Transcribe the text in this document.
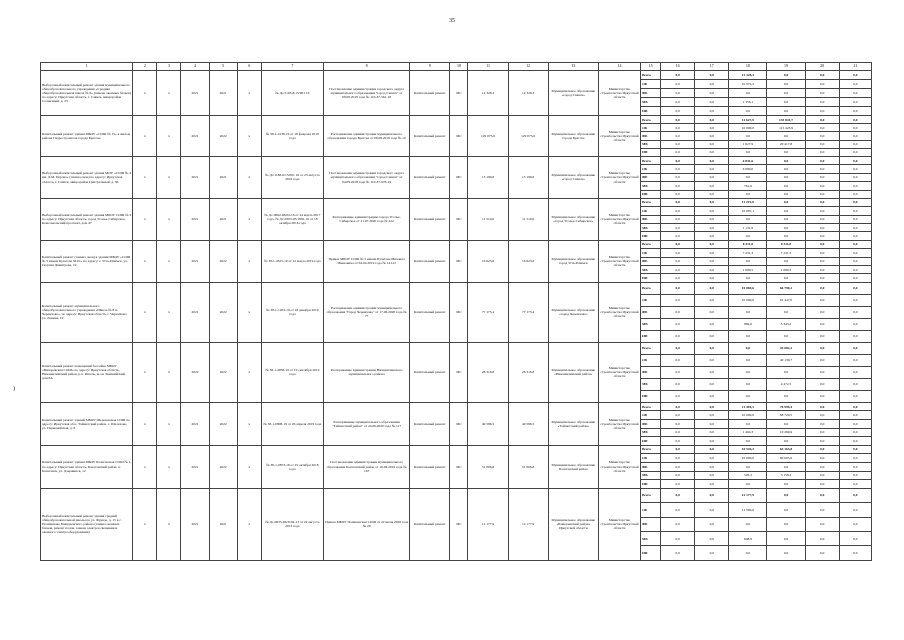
35
)
1	2	3	4	5	6	7	8	9	10	11	12	13	14	15	16	17	18	19	20	21
Выборочный капитальный ремонт здания муниципального общеобразовательного учреждения «Средняя общеобразовательная школа № 6» (замена оконных блоков) по адресу: Иркутская область, г. Саянск, микрорайон Солнечный, д. 23	х	х	2021	2021	х	№ Дс/1193-6/15/061 16	Постановление администрации городского округа муниципального образования "город Саянск" от 09.06.2018 года № 110-37-561-18	Капитальный ремонт	МС	12 328,3	12 328,3	Муниципальное образование «город Саянск»	Министерство строительства Иркутской области	Всего	0,0	0,0	12 328,3	0,0	0,0	0,0
														ОБ	0,0	0,0	10 972,2	0,0	0,0	0,0
														ФБ	0,0	0,0	0,0	0,0	0,0	0,0
														МБ	0,0	0,0	1 356,1	0,0	0,0	0,0
														ИИ	0,0	0,0	0,0	0,0	0,0	0,0
Капитальный ремонт здания МБОУ «СОШ № 15» в жилом районе Гидростроитель города Братска	х	х	2021	2022	х	№ 38-1-4138-19 от 18 февраля 2019 года	Распоряжение администрации муниципального образования города Братска от 06.06.2019 года № 10	Капитальный ремонт	МС	129 075,6	129 075,6	Муниципальное образование города Братска	Министерство строительства Иркутской области	Всего	0,0	0,0	11 627,9	135 841,7	0,0	0,0
														ОБ	0,0	0,0	10 000,0	115 423,9	0,0	0,0
														ФБ	0,0	0,0	0,0	0,0	0,0	0,0
														МБ	0,0	0,0	1 627,9	20 417,8	0,0	0,0
														ИИ	0,0	0,0	0,0	0,0	0,0	0,0
Выборочный капитальный ремонт здания МОУ «СОШ № 4 им. Д.М. Перова» (замена окон) по адресу: Иркутская область, г. Саянск, микрорайон Центральный, д. 36	х	х	2021	2021	х	№ Дс/1188-6/15/061 16 от 23 августа 2016 года	Постановление администрации городского округа муниципального образования "город Саянск" от 04.09.2018 года № 110-37-978-19	Капитальный ремонт	МС	13 190,6	13 190,6	Муниципальное образование «город Саянск»	Министерство строительства Иркутской области	Всего	0,0	0,0	6 841,6	0,0	0,0	0,0
														ОБ	0,0	0,0	6 080,0	0,0	0,0	0,0
														ФБ	0,0	0,0	0,0	0,0	0,0	0,0
														МБ	0,0	0,0	761,6	0,0	0,0	0,0
														ИИ	0,0	0,0	0,0	0,0	0,0	0,0
Выборочный капитальный ремонт здания МБОУ СОШ № 3 по адресу: Иркутская область, город Усолье-Сибирское, Комсомольский проспект, дом 47	х	х	2021	2021	х	№ Дс-0662-06/02-16 от 24 марта 2017 года, № Дс-0303-05/1902-16 от 18 октября 2016 года	Распоряжение администрации города Усолье-Сибирское от 21.07.2020 года № 222	Капитальный ремонт	МС	11 519,0	11 519,0	Муниципальное образование «город Усолье-Сибирское»	Министерство строительства Иркутской области	Всего	0,0	0,0	11 219,0	0,0	0,0	0,0
														ОБ	0,0	0,0	10 087,1	0,0	0,0	0,0
														ФБ	0,0	0,0	0,0	0,0	0,0	0,0
														МБ	0,0	0,0	1 131,9	0,0	0,0	0,0
														ИИ	0,0	0,0	0,0	0,0	0,0	0,0
Капитальный ремонт (замена окон) в здании МБОУ «СОШ № 5 имени Булатова М.И.» по адресу: г. Усть-Илимск, ул. Георгия Димитрова, 19	х	х	2021	2022	х	№ 38-1-4325-19 от 12 марта 2019 года	Приказ МБОУ СОШ № 5 имени Булатова Михаила Ивановича от 04.04.2019 года № 141-О	Капитальный ремонт	МС	16 623,6	16 623,6	Муниципальное образование город Усть-Илимск	Министерство строительства Иркутской области	Всего	0,0	0,0	8 311,8	8 311,8	0,0	0,0
														ОБ	0,0	0,0	7 231,3	7 231,3	0,0	0,0
														ФБ	0,0	0,0	0,0	0,0	0,0	0,0
														МБ	0,0	0,0	1 080,5	1 080,5	0,0	0,0
														ИИ	0,0	0,0	0,0	0,0	0,0	0,0
Капитальный ремонт муниципального общеобразовательного учреждения «Школа № 8 п. Черемхово», по адресу: Иркутская область, г. Черемхово, ул. Ленина, 19	х	х	2021	2022	х	№ 38-1-1263-19 от 16 декабря 2019 года	Распоряжение администрации муниципального образования "Город Черемхово" от 17.06.2020 года № 77	Капитальный ремонт	МС	77 175,4	77 175,4	Муниципальное образование «город Черемхово»	Министерство строительства Иркутской области	Всего	0,0	0,0	10 869,6	66 790,2	0,0	0,0
														ОБ	0,0	0,0	10 000,0	61 447,0	0,0	0,0
														ФБ	0,0	0,0	0,0	0,0	0,0	0,0
														МБ	0,0	0,0	869,6	5 343,2	0,0	0,0
														ИИ	0,0	0,0	0,0	0,0	0,0	0,0
Капитальный ремонт помещений бассейна МБОУ «Вихоревская СОШ» по адресу: Иркутская область, Нижнеилимский район, р.п. Янгель, м-он Эвенкийский, дом 6А	х	х	2022	2022	х	№ 38-1-4958-19 от 10 сентября 2019 года	Распоряжение администрации Нижнеилимского муниципального района	Капитальный ремонт	МС	28 316,8	28 316,8	Муниципальное образование «Нижнеилимский район»	Министерство строительства Иркутской области	Всего	0,0	0,0	0,0	45 082,2	0,0	0,0
														ОБ	0,0	0,0	0,0	40 139,7	0,0	0,0
														ФБ	0,0	0,0	0,0	0,0	0,0	0,0
														МБ	0,0	0,0	0,0	4 472,5	0,0	0,0
														ИИ	0,0	0,0	0,0	0,0	0,0	0,0
Капитальный ремонт зданий МБОУ Шелеховская СОШ по адресу: Иркутская обл., Тайшетский район, с. Шелехово, ул. Первомайская, д. 8	х	х	2021	2022	х	№ 38-1-0808-19 от 26 апреля 2019 года	Распоряжение муниципального образования "Тайшетский район" от 24.06.2020 года № 117	Капитальный ремонт	МС	49 586,5	49 586,5	Муниципальное образование «Тайшетский район»	Министерство строительства Иркутской области	Всего	0,0	0,0	11 494,3	78 999,4	0,0	0,0
														ОБ	0,0	0,0	10 000,0	68 729,5	0,0	0,0
														ФБ	0,0	0,0	0,0	0,0	0,0	0,0
														МБ	0,0	0,0	1 494,3	10 269,9	0,0	0,0
														ИИ	0,0	0,0	0,0	0,0	0,0	0,0
Капитальный ремонт здания МБОУ Балаганская СОШ № 1, по адресу: Иркутская область, Балаганский район, п. Балаганск, ул. Дзержинск, 12	х	х	2021	2022	х	№ 38-1-0873-18 от 25 октября 2018 года	Постановление администрации муниципального образования Балаганский район от 16.04.2019 года № 167	Капитальный ремонт	МС	51 006,8	51 006,8	Муниципальное образование Балаганский район	Министерство строительства Иркутской области	Всего	0,0	0,0	10 526,3	63 163,8	0,0	0,0
														ОБ	0,0	0,0	10 000,0	60 005,6	0,0	0,0
														ФБ	0,0	0,0	0,0	0,0	0,0	0,0
														МБ	0,0	0,0	526,3	3 158,2	0,0	0,0
														ИИ	0,0	0,0	0,0	0,0	0,0	0,0
Выборочный капитальный ремонт здания средней общеобразовательной школы по ул. Фрунзе, д. 15 в с. Поливаново Баяндаевского района (замена оконных блоков, ремонт полов, замена электроосвещения и оконного электрооборудования)	х	х	2021	2021	х	№ Дс-0635-06/3194-13 от 22 августа 2013 года	Приказ МБОУ Поливанская СОШ от 22 июля 2020 года № 29	Капитальный ремонт	МС	12 177,9	12 177,9	Муниципальное образование «Баяндаевский район» Иркутской области	Министерство строительства Иркутской области	Всего	0,0	0,0	12 177,9	0,0	0,0	0,0
														ОБ	0,0	0,0	11 569,0	0,0	0,0	0,0
														ФБ	0,0	0,0	0,0	0,0	0,0	0,0
														МБ	0,0	0,0	608,9	0,0	0,0	0,0
														ИИ	0,0	0,0	0,0	0,0	0,0	0,0
